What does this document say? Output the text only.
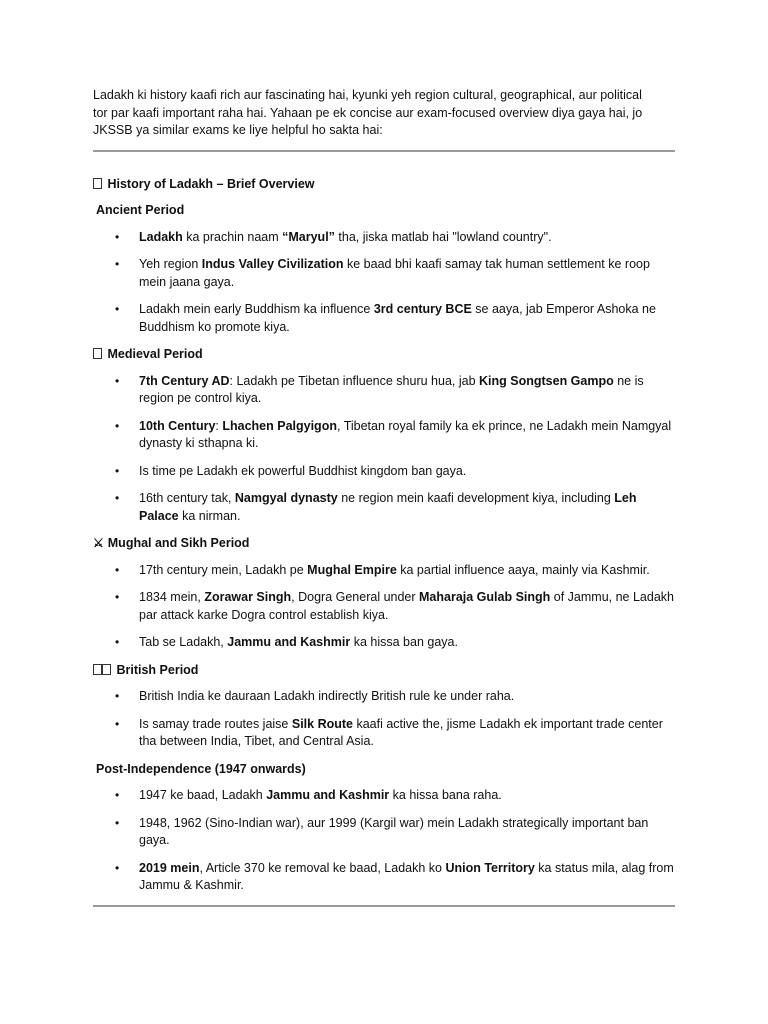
Ladakh ki history kaafi rich aur fascinating hai, kyunki yeh region cultural, geographical, aur political
tor par kaafi important raha hai. Yahaan pe ek concise aur exam-focused overview diya gaya hai, jo
JKSSB ya similar exams ke liye helpful ho sakta hai:

History of Ladakh – Brief Overview
Ancient Period
• Ladakh ka prachin naam “Maryul” tha, jiska matlab hai "lowland country".
• Yeh region Indus Valley Civilization ke baad bhi kaafi samay tak human settlement ke roop mein jaana gaya.
• Ladakh mein early Buddhism ka influence 3rd century BCE se aaya, jab Emperor Ashoka ne Buddhism ko promote kiya.
Medieval Period
• 7th Century AD: Ladakh pe Tibetan influence shuru hua, jab King Songtsen Gampo ne is region pe control kiya.
• 10th Century: Lhachen Palgyigon, Tibetan royal family ka ek prince, ne Ladakh mein Namgyal dynasty ki sthapna ki.
• Is time pe Ladakh ek powerful Buddhist kingdom ban gaya.
• 16th century tak, Namgyal dynasty ne region mein kaafi development kiya, including Leh Palace ka nirman.
⚔ Mughal and Sikh Period
• 17th century mein, Ladakh pe Mughal Empire ka partial influence aaya, mainly via Kashmir.
• 1834 mein, Zorawar Singh, Dogra General under Maharaja Gulab Singh of Jammu, ne Ladakh par attack karke Dogra control establish kiya.
• Tab se Ladakh, Jammu and Kashmir ka hissa ban gaya.
British Period
• British India ke dauraan Ladakh indirectly British rule ke under raha.
• Is samay trade routes jaise Silk Route kaafi active the, jisme Ladakh ek important trade center tha between India, Tibet, and Central Asia.
Post-Independence (1947 onwards)
• 1947 ke baad, Ladakh Jammu and Kashmir ka hissa bana raha.
• 1948, 1962 (Sino-Indian war), aur 1999 (Kargil war) mein Ladakh strategically important ban gaya.
• 2019 mein, Article 370 ke removal ke baad, Ladakh ko Union Territory ka status mila, alag from Jammu & Kashmir.
